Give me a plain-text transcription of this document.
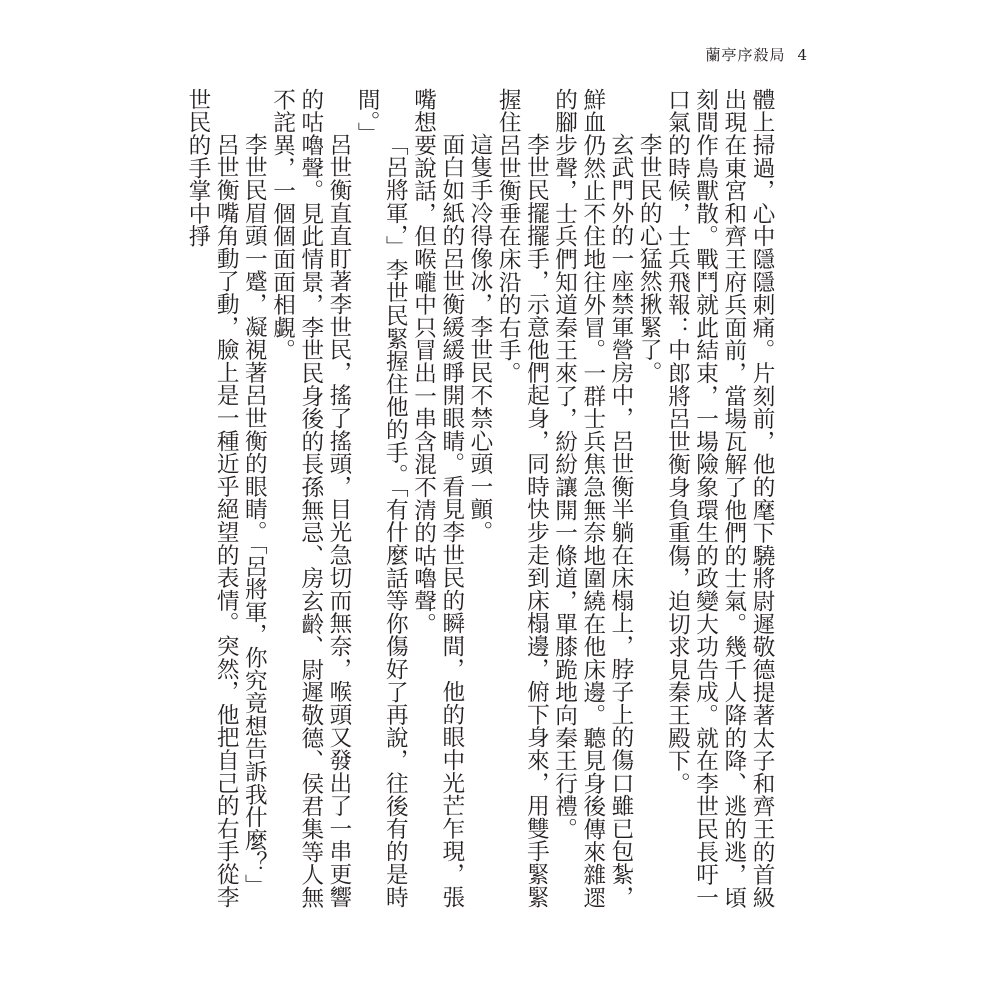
蘭亭序殺局 4

體上掃過，心中隱隱刺痛。片刻前，他的麾下驍將尉遲敬德提著太子和齊王的首級出現在東宮和齊王府兵面前，當場瓦解了他們的士氣。幾千人降的降、逃的逃，頃刻間作鳥獸散。戰鬥就此結束，一場險象環生的政變大功告成。就在李世民長吁一口氣的時候，士兵飛報：中郎將呂世衡身負重傷，迫切求見秦王殿下。

李世民的心猛然揪緊了。

玄武門外的一座禁軍營房中，呂世衡半躺在床榻上，脖子上的傷口雖已包紮，鮮血仍然止不住地往外冒。一群士兵焦急無奈地圍繞在他床邊。聽見身後傳來雜遝的腳步聲，士兵們知道秦王來了，紛紛讓開一條道，單膝跪地向秦王行禮。

李世民擺擺手，示意他們起身，同時快步走到床榻邊，俯下身來，用雙手緊緊握住呂世衡垂在床沿的右手。

這隻手冷得像冰，李世民不禁心頭一顫。

面白如紙的呂世衡緩緩睜開眼睛。看見李世民的瞬間，他的眼中光芒乍現，張嘴想要說話，但喉嚨中只冒出一串含混不清的咕嚕聲。

「呂將軍，」李世民緊握住他的手。「有什麼話等你傷好了再說，往後有的是時間。」

呂世衡直直盯著李世民，搖了搖頭，目光急切而無奈，喉頭又發出了一串更響的咕嚕聲。見此情景，李世民身後的長孫無忌、房玄齡、尉遲敬德、侯君集等人無不詫異，一個個面面相覷。

李世民眉頭一蹙，凝視著呂世衡的眼睛。「呂將軍，你究竟想告訴我什麼？」

呂世衡嘴角動了動，臉上是一種近乎絕望的表情。突然，他把自己的右手從李世民的手掌中掙
